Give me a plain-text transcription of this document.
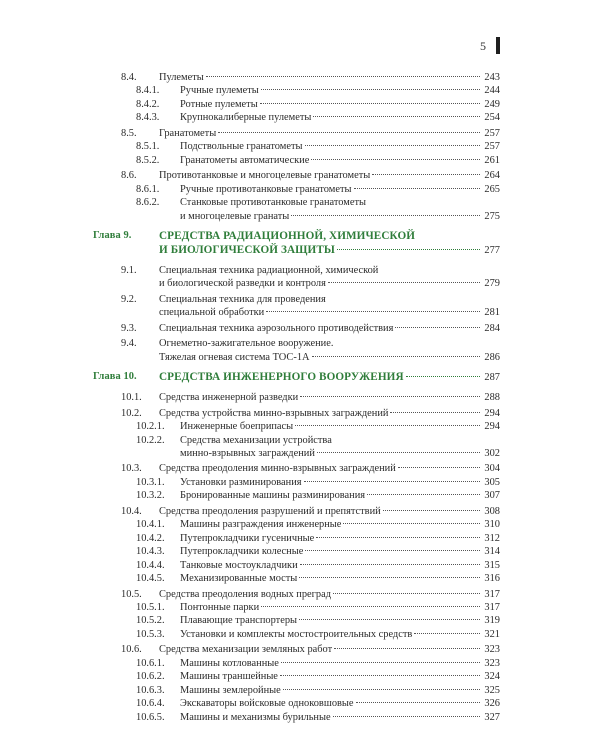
5
8.4. Пулеметы	243
8.4.1. Ручные пулеметы	244
8.4.2. Ротные пулеметы	249
8.4.3. Крупнокалиберные пулеметы	254
8.5. Гранатометы	257
8.5.1. Подствольные гранатометы	257
8.5.2. Гранатометы автоматические	261
8.6. Противотанковые и многоцелевые гранатометы	264
8.6.1. Ручные противотанковые гранатометы	265
8.6.2. Станковые противотанковые гранатометы
и многоцелевые гранаты	275
Глава 9. СРЕДСТВА РАДИАЦИОННОЙ, ХИМИЧЕСКОЙ
И БИОЛОГИЧЕСКОЙ ЗАЩИТЫ	277
9.1. Специальная техника радиационной, химической
и биологической разведки и контроля	279
9.2. Специальная техника для проведения
специальной обработки	281
9.3. Специальная техника аэрозольного противодействия	284
9.4. Огнеметно-зажигательное вооружение.
Тяжелая огневая система ТОС-1А	286
Глава 10. СРЕДСТВА ИНЖЕНЕРНОГО ВООРУЖЕНИЯ	287
10.1. Средства инженерной разведки	288
10.2. Средства устройства минно-взрывных заграждений	294
10.2.1. Инженерные боеприпасы	294
10.2.2. Средства механизации устройства
минно-взрывных заграждений	302
10.3. Средства преодоления минно-взрывных заграждений	304
10.3.1. Установки разминирования	305
10.3.2. Бронированные машины разминирования	307
10.4. Средства преодоления разрушений и препятствий	308
10.4.1. Машины разграждения инженерные	310
10.4.2. Путепрокладчики гусеничные	312
10.4.3. Путепрокладчики колесные	314
10.4.4. Танковые мостоукладчики	315
10.4.5. Механизированные мосты	316
10.5. Средства преодоления водных преград	317
10.5.1. Понтонные парки	317
10.5.2. Плавающие транспортеры	319
10.5.3. Установки и комплекты мостостроительных средств	321
10.6. Средства механизации земляных работ	323
10.6.1. Машины котлованные	323
10.6.2. Машины траншейные	324
10.6.3. Машины землеройные	325
10.6.4. Экскаваторы войсковые одноковшовые	326
10.6.5. Машины и механизмы бурильные	327
